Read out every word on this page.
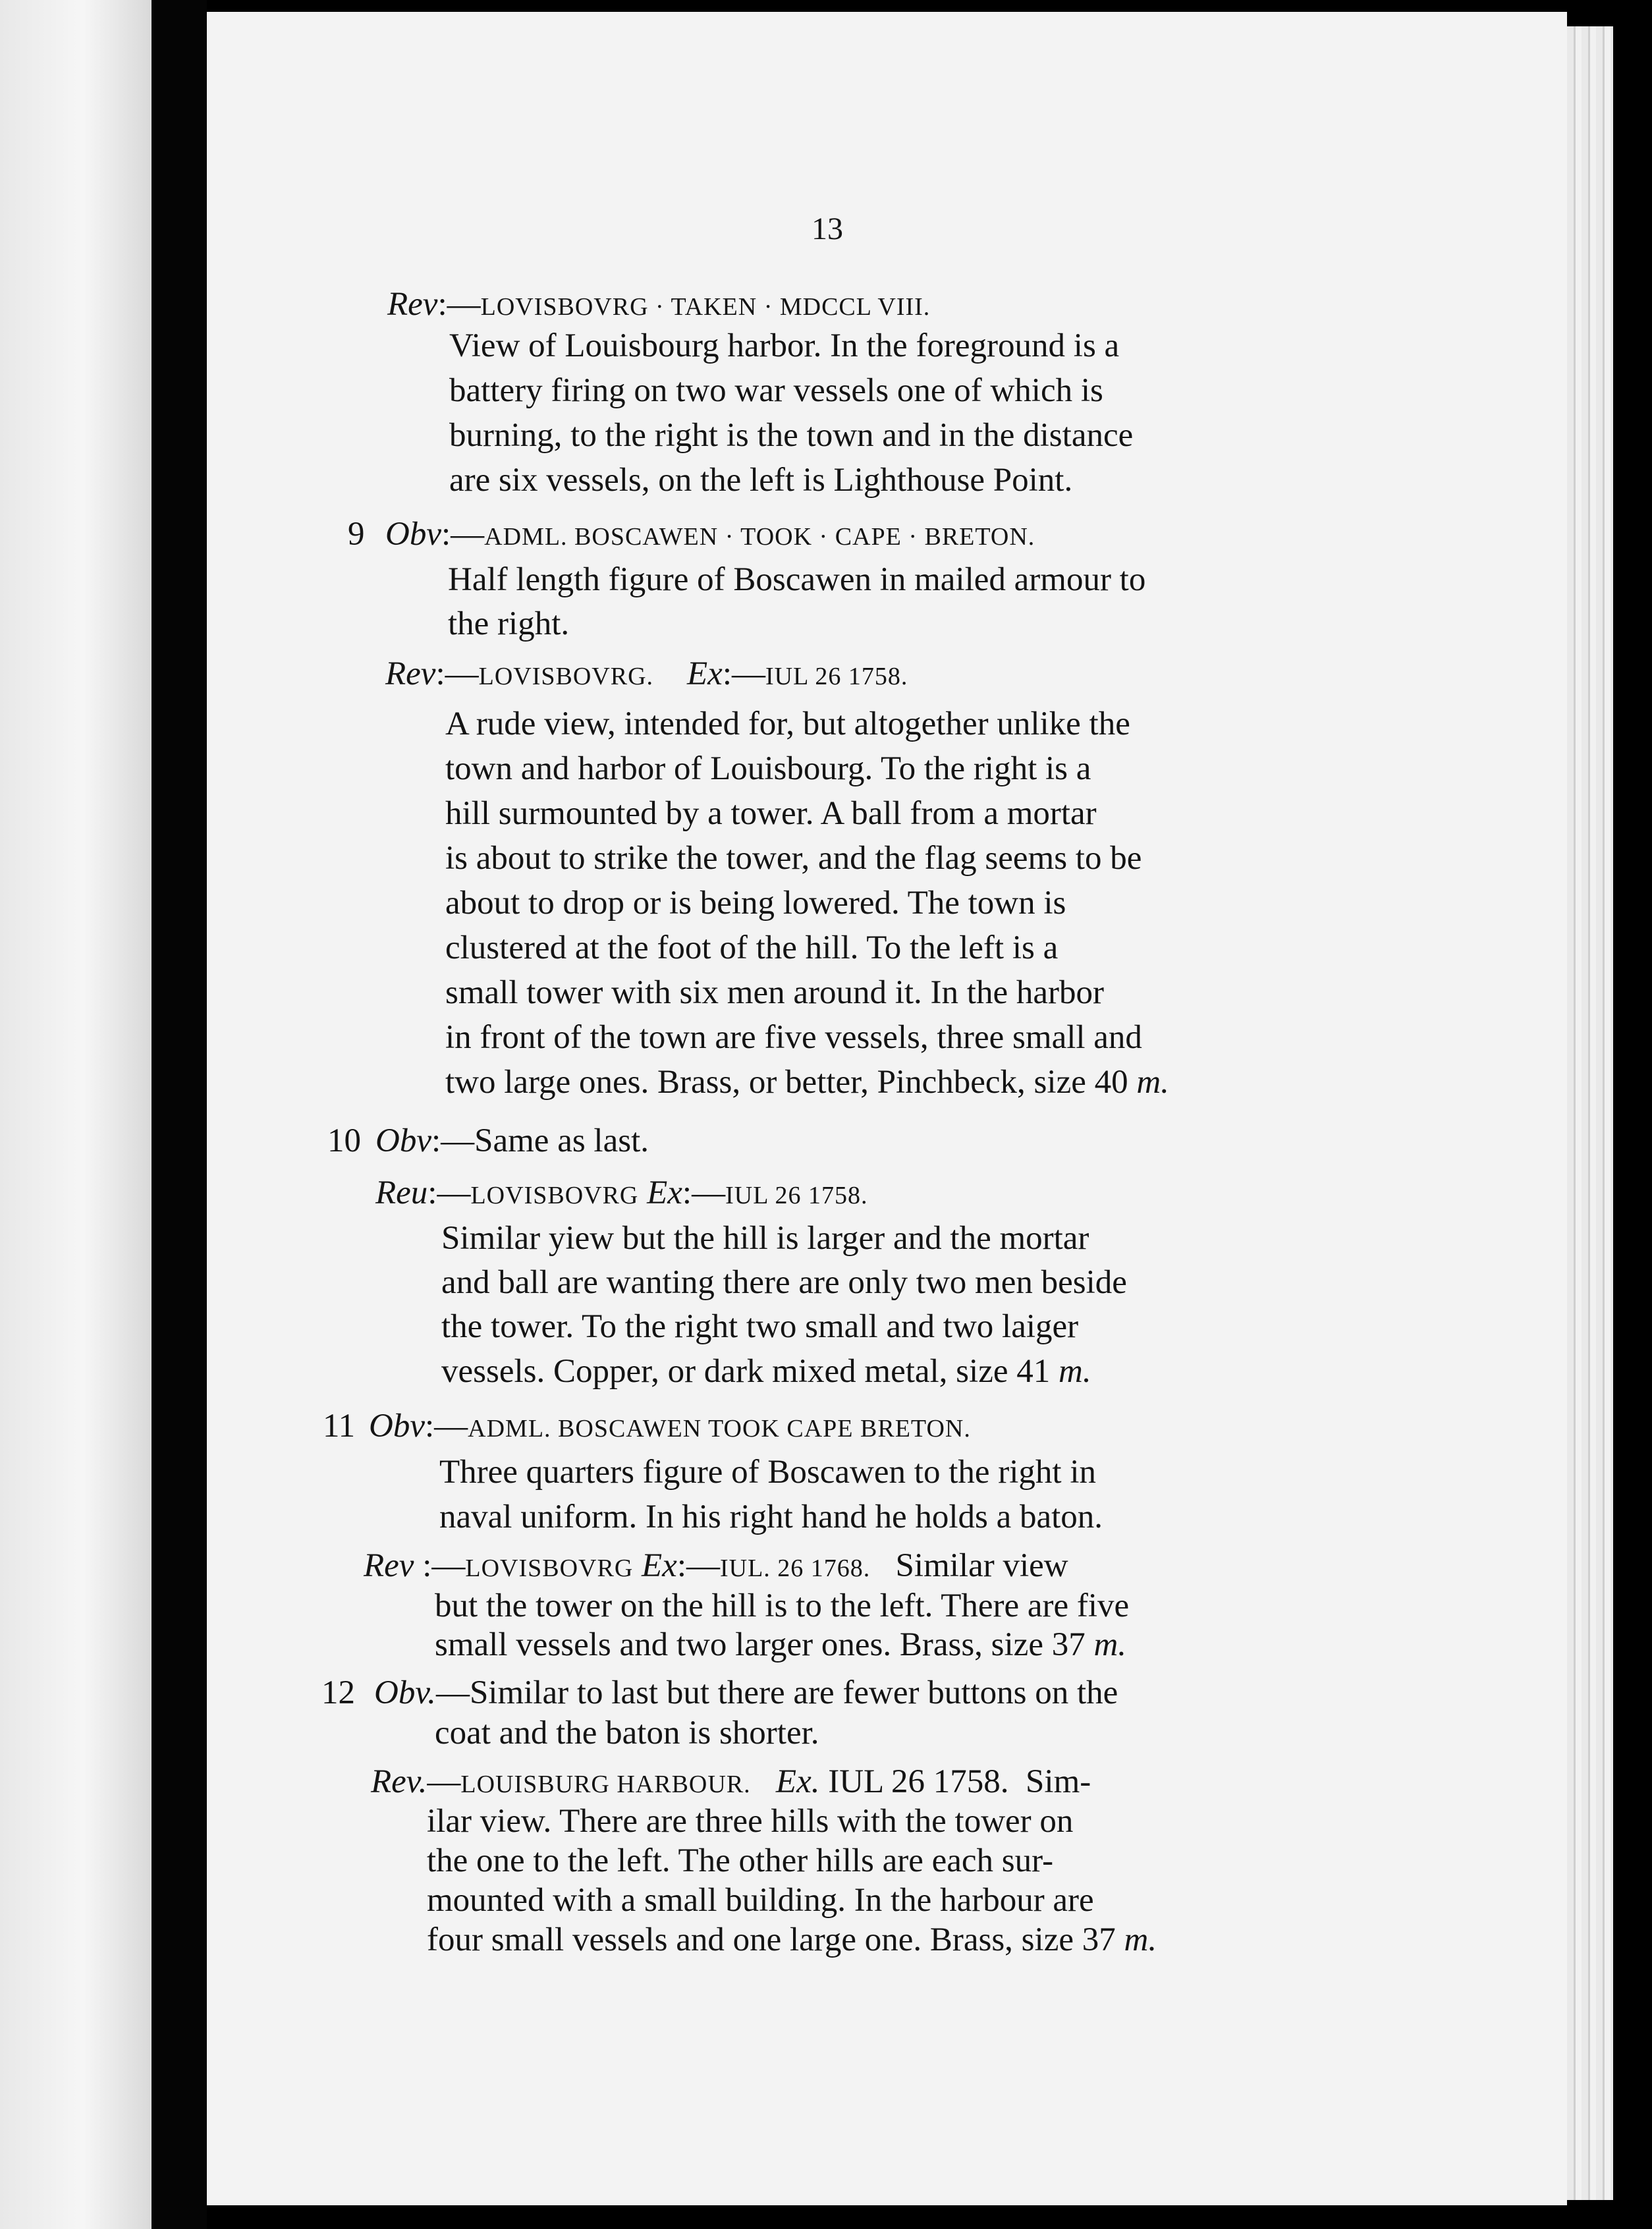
13
Rev:—LOVISBOVRG · TAKEN · MDCCL VIII.
View of Louisbourg harbor. In the foreground is a
battery firing on two war vessels one of which is
burning, to the right is the town and in the distance
are six vessels, on the left is Lighthouse Point.
9 Obv:—ADML. BOSCAWEN · TOOK · CAPE · BRETON.
Half length figure of Boscawen in mailed armour to
the right.
Rev:—LOVISBOVRG. Ex:—IUL 26 1758.
A rude view, intended for, but altogether unlike the
town and harbor of Louisbourg. To the right is a
hill surmounted by a tower. A ball from a mortar
is about to strike the tower, and the flag seems to be
about to drop or is being lowered. The town is
clustered at the foot of the hill. To the left is a
small tower with six men around it. In the harbor
in front of the town are five vessels, three small and
two large ones. Brass, or better, Pinchbeck, size 40 m.
10 Obv:—Same as last.
Reu:—LOVISBOVRG Ex:—IUL 26 1758.
Similar yiew but the hill is larger and the mortar
and ball are wanting there are only two men beside
the tower. To the right two small and two laiger
vessels. Copper, or dark mixed metal, size 41 m.
11 Obv:—ADML. BOSCAWEN TOOK CAPE BRETON.
Three quarters figure of Boscawen to the right in
naval uniform. In his right hand he holds a baton.
Rev :—LOVISBOVRG Ex:—IUL. 26 1768. Similar view
but the tower on the hill is to the left. There are five
small vessels and two larger ones. Brass, size 37 m.
12 Obv.—Similar to last but there are fewer buttons on the
coat and the baton is shorter.
Rev.—LOUISBURG HARBOUR. Ex. IUL 26 1758. Sim-
ilar view. There are three hills with the tower on
the one to the left. The other hills are each sur-
mounted with a small building. In the harbour are
four small vessels and one large one. Brass, size 37 m.
